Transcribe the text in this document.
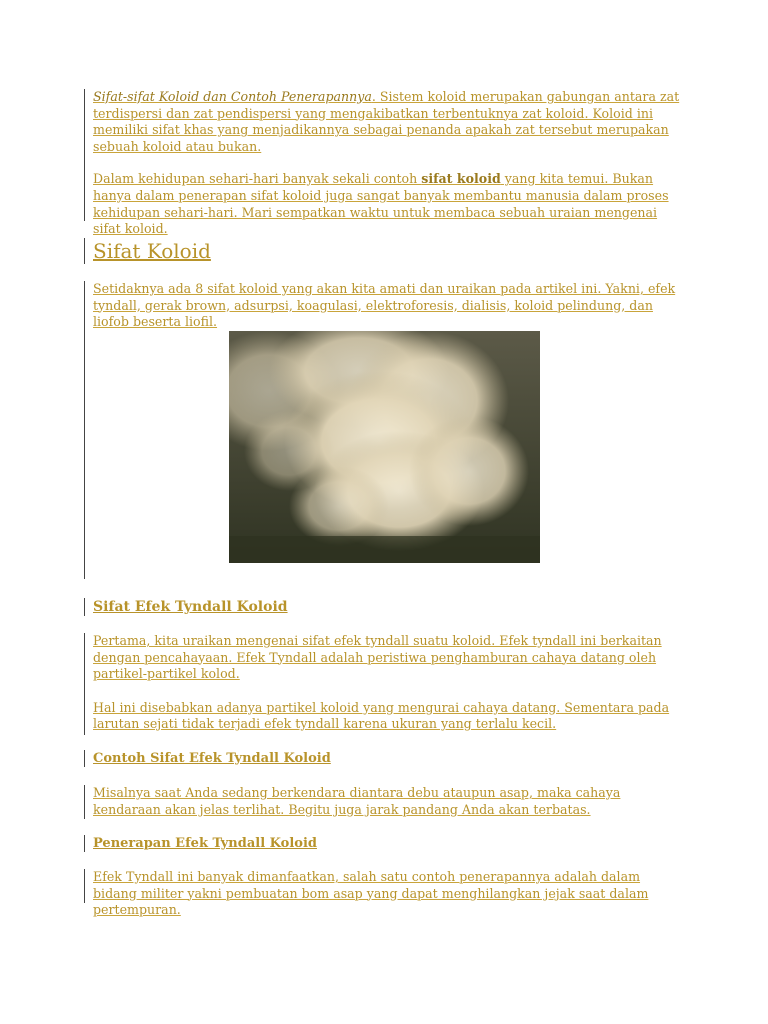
Sifat-sifat Koloid dan Contoh Penerapannya. Sistem koloid merupakan gabungan antara zat terdispersi dan zat pendispersi yang mengakibatkan terbentuknya zat koloid. Koloid ini memiliki sifat khas yang menjadikannya sebagai penanda apakah zat tersebut merupakan sebuah koloid atau bukan.

Dalam kehidupan sehari-hari banyak sekali contoh sifat koloid yang kita temui. Bukan hanya dalam penerapan sifat koloid juga sangat banyak membantu manusia dalam proses kehidupan sehari-hari. Mari sempatkan waktu untuk membaca sebuah uraian mengenai sifat koloid.

Sifat Koloid

Setidaknya ada 8 sifat koloid yang akan kita amati dan uraikan pada artikel ini. Yakni, efek tyndall, gerak brown, adsurpsi, koagulasi, elektroforesis, dialisis, koloid pelindung, dan liofob beserta liofil.

Sifat Efek Tyndall Koloid

Pertama, kita uraikan mengenai sifat efek tyndall suatu koloid. Efek tyndall ini berkaitan dengan pencahayaan. Efek Tyndall adalah peristiwa penghamburan cahaya datang oleh partikel-partikel kolod.

Hal ini disebabkan adanya partikel koloid yang mengurai cahaya datang. Sementara pada larutan sejati tidak terjadi efek tyndall karena ukuran yang terlalu kecil.

Contoh Sifat Efek Tyndall Koloid

Misalnya saat Anda sedang berkendara diantara debu ataupun asap, maka cahaya kendaraan akan jelas terlihat. Begitu juga jarak pandang Anda akan terbatas.

Penerapan Efek Tyndall Koloid

Efek Tyndall ini banyak dimanfaatkan, salah satu contoh penerapannya adalah dalam bidang militer yakni pembuatan bom asap yang dapat menghilangkan jejak saat dalam pertempuran.
